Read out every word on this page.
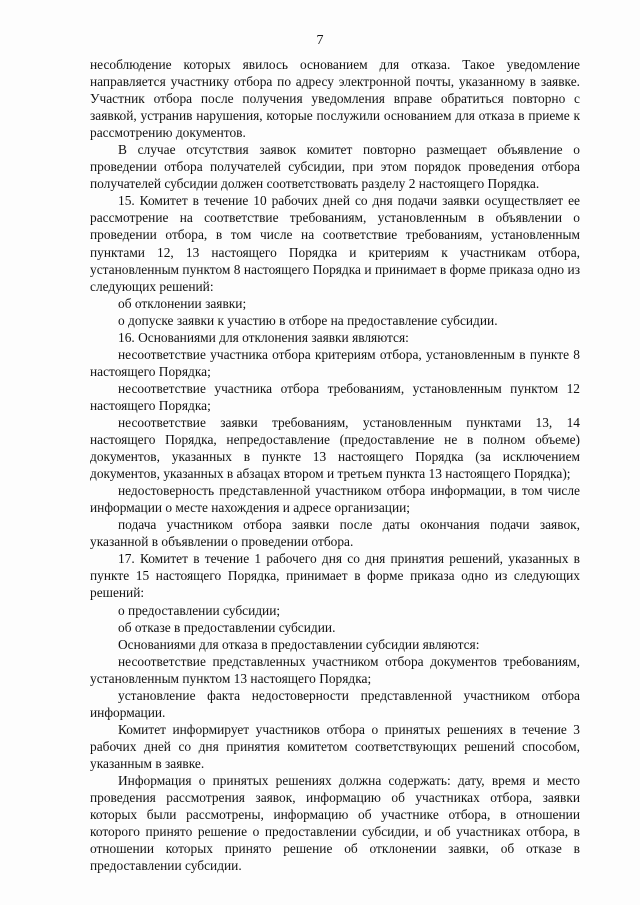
7

несоблюдение которых явилось основанием для отказа. Такое уведомление направляется участнику отбора по адресу электронной почты, указанному в заявке. Участник отбора после получения уведомления вправе обратиться повторно с заявкой, устранив нарушения, которые послужили основанием для отказа в приеме к рассмотрению документов.

В случае отсутствия заявок комитет повторно размещает объявление о проведении отбора получателей субсидии, при этом порядок проведения отбора получателей субсидии должен соответствовать разделу 2 настоящего Порядка.

15. Комитет в течение 10 рабочих дней со дня подачи заявки осуществляет ее рассмотрение на соответствие требованиям, установленным в объявлении о проведении отбора, в том числе на соответствие требованиям, установленным пунктами 12, 13 настоящего Порядка и критериям к участникам отбора, установленным пунктом 8 настоящего Порядка и принимает в форме приказа одно из следующих решений:

об отклонении заявки;

о допуске заявки к участию в отборе на предоставление субсидии.

16. Основаниями для отклонения заявки являются:

несоответствие участника отбора критериям отбора, установленным в пункте 8 настоящего Порядка;

несоответствие участника отбора требованиям, установленным пунктом 12 настоящего Порядка;

несоответствие заявки требованиям, установленным пунктами 13, 14 настоящего Порядка, непредоставление (предоставление не в полном объеме) документов, указанных в пункте 13 настоящего Порядка (за исключением документов, указанных в абзацах втором и третьем пункта 13 настоящего Порядка);

недостоверность представленной участником отбора информации, в том числе информации о месте нахождения и адресе организации;

подача участником отбора заявки после даты окончания подачи заявок, указанной в объявлении о проведении отбора.

17. Комитет в течение 1 рабочего дня со дня принятия решений, указанных в пункте 15 настоящего Порядка, принимает в форме приказа одно из следующих решений:

о предоставлении субсидии;

об отказе в предоставлении субсидии.

Основаниями для отказа в предоставлении субсидии являются:

несоответствие представленных участником отбора документов требованиям, установленным пунктом 13 настоящего Порядка;

установление факта недостоверности представленной участником отбора информации.

Комитет информирует участников отбора о принятых решениях в течение 3 рабочих дней со дня принятия комитетом соответствующих решений способом, указанным в заявке.

Информация о принятых решениях должна содержать: дату, время и место проведения рассмотрения заявок, информацию об участниках отбора, заявки которых были рассмотрены, информацию об участнике отбора, в отношении которого принято решение о предоставлении субсидии, и об участниках отбора, в отношении которых принято решение об отклонении заявки, об отказе в предоставлении субсидии.
